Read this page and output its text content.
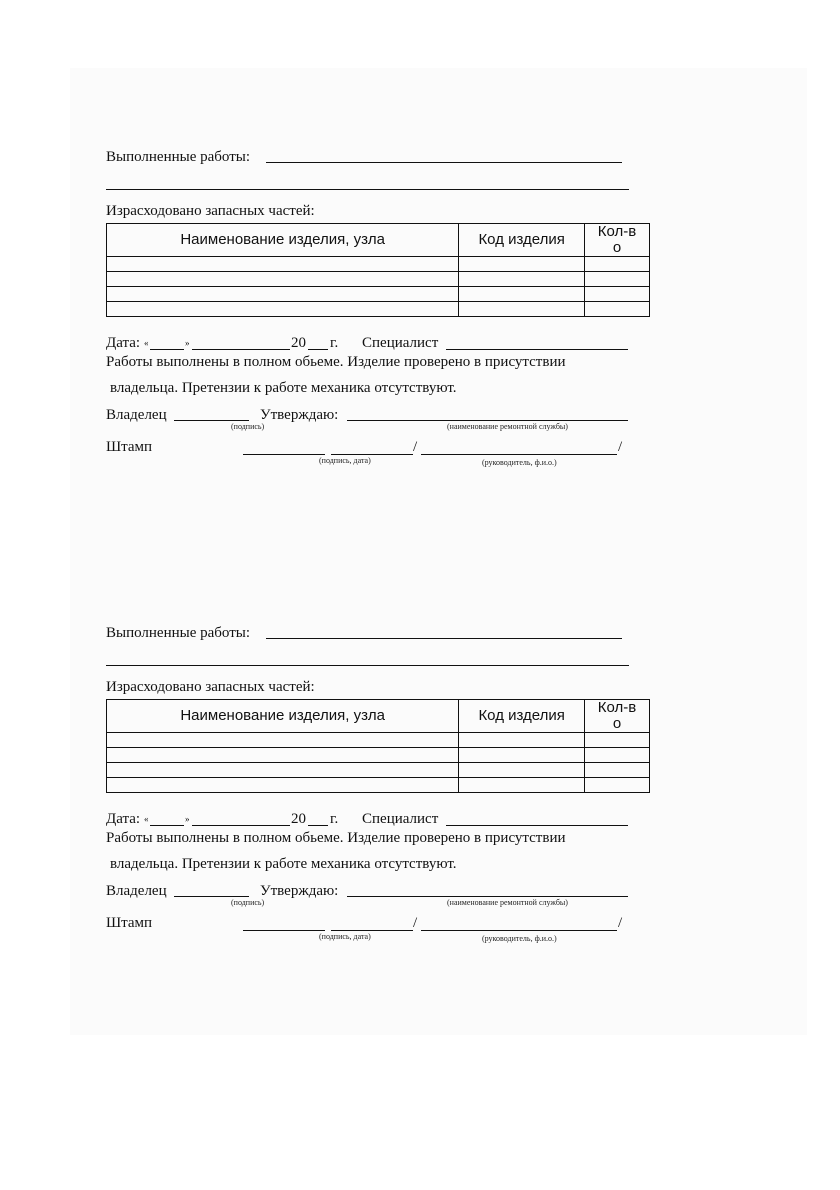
Выполненные работы:
Израсходовано запасных частей:
Наименование изделия, узла	Код изделия	Кол-во

Дата: «	»	20 г. Специалист
Работы выполнены в полном обьеме. Изделие проверено в присутствии
владельца. Претензии к работе механика отсутствуют.
Владелец
(подпись)
Утверждаю:
(наименование ремонтной службы)
Штамп	/	/
(подпись, дата)	(руководитель, ф.и.о.)
Выполненные работы:
Израсходовано запасных частей:
Наименование изделия, узла	Код изделия	Кол-во

Дата: «	»	20 г. Специалист
Работы выполнены в полном обьеме. Изделие проверено в присутствии
владельца. Претензии к работе механика отсутствуют.
Владелец
(подпись)
Утверждаю:
(наименование ремонтной службы)
Штамп	/	/
(подпись, дата)	(руководитель, ф.и.о.)
